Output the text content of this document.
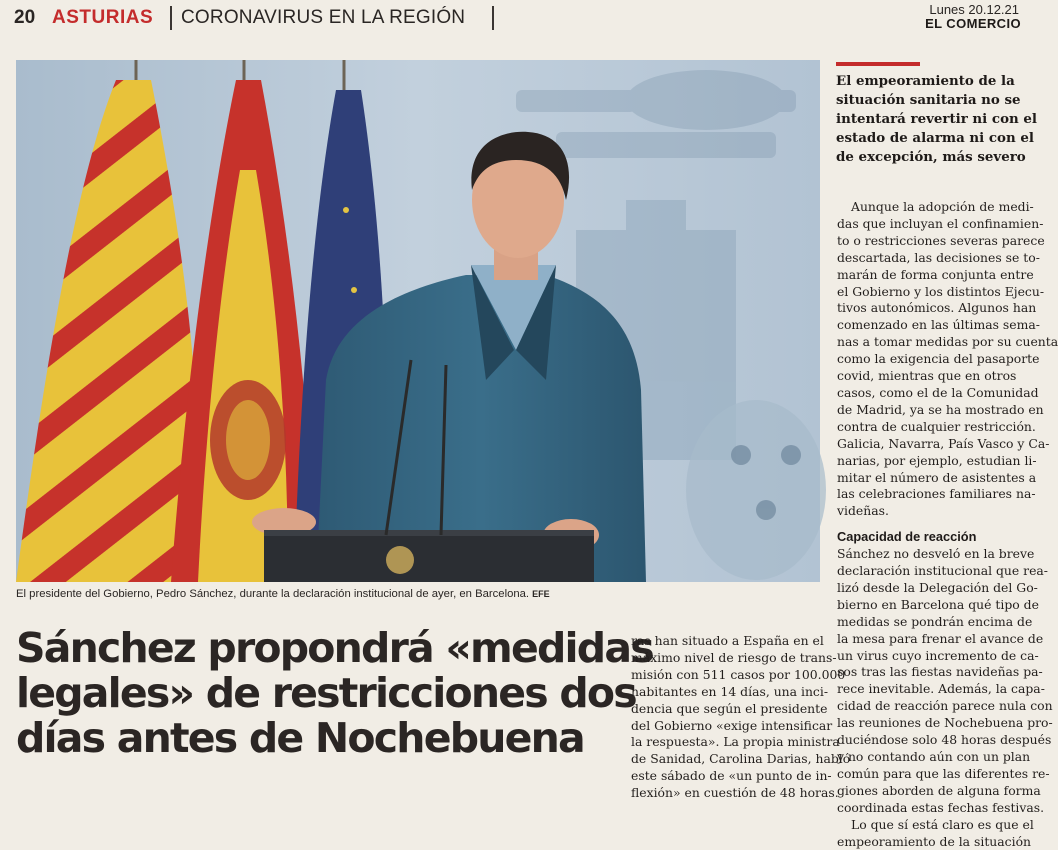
20 ASTURIAS CORONAVIRUS EN LA REGIÓN	Lunes 20.12.21
EL COMERCIO
El presidente del Gobierno, Pedro Sánchez, durante la declaración institucional de ayer, en Barcelona. EFE
Sánchez propondrá «medidas
legales» de restricciones dos
días antes de Nochebuena
ras han situado a España en el
máximo nivel de riesgo de trans-
misión con 511 casos por 100.000
habitantes en 14 días, una inci-
dencia que según el presidente
del Gobierno «exige intensificar
la respuesta». La propia ministra
de Sanidad, Carolina Darias, habló
este sábado de «un punto de in-
flexión» en cuestión de 48 horas.
El empeoramiento de la
situación sanitaria no se
intentará revertir ni con el
estado de alarma ni con el
de excepción, más severo
Aunque la adopción de medi-
das que incluyan el confinamien-
to o restricciones severas parece
descartada, las decisiones se to-
marán de forma conjunta entre
el Gobierno y los distintos Ejecu-
tivos autonómicos. Algunos han
comenzado en las últimas sema-
nas a tomar medidas por su cuenta
como la exigencia del pasaporte
covid, mientras que en otros
casos, como el de la Comunidad
de Madrid, ya se ha mostrado en
contra de cualquier restricción.
Galicia, Navarra, País Vasco y Ca-
narias, por ejemplo, estudian li-
mitar el número de asistentes a
las celebraciones familiares na-
videñas.
Capacidad de reacción
Sánchez no desveló en la breve
declaración institucional que rea-
lizó desde la Delegación del Go-
bierno en Barcelona qué tipo de
medidas se pondrán encima de
la mesa para frenar el avance de
un virus cuyo incremento de ca-
sos tras las fiestas navideñas pa-
rece inevitable. Además, la capa-
cidad de reacción parece nula con
las reuniones de Nochebuena pro-
duciéndose solo 48 horas después
y no contando aún con un plan
común para que las diferentes re-
giones aborden de alguna forma
coordinada estas fechas festivas.
Lo que sí está claro es que el
empeoramiento de la situación
